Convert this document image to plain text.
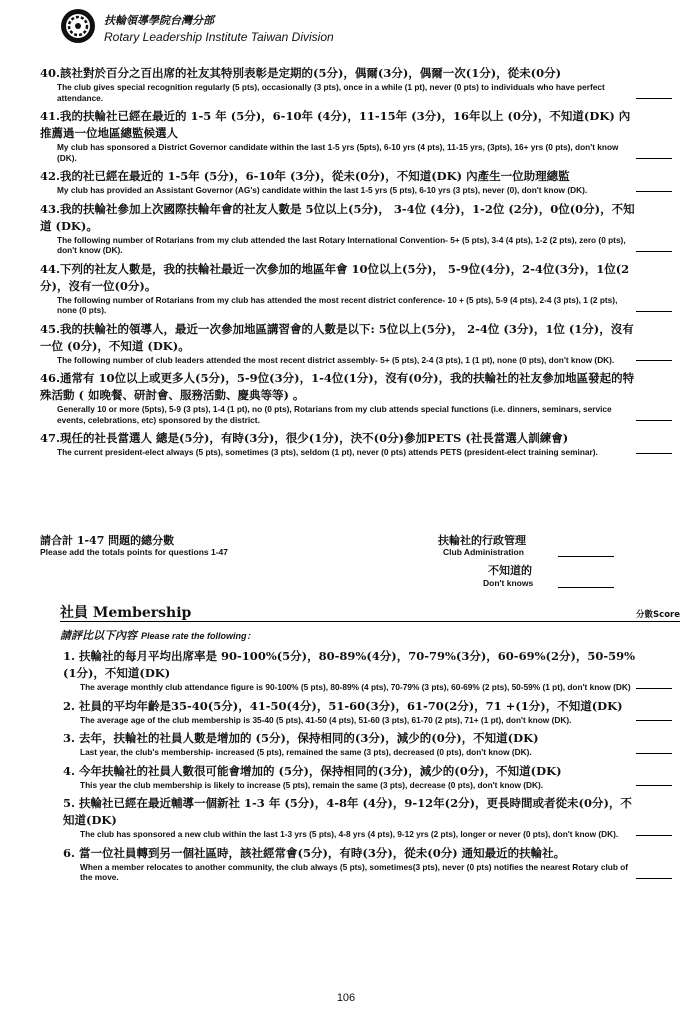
扶輪領導學院台灣分部
Rotary Leadership Institute Taiwan Division
40.該社對於百分之百出席的社友其特別表彰是定期的(5分)，偶爾(3分)，偶爾一次(1分)，從未(0分)
The club gives special recognition regularly (5 pts), occasionally (3 pts), once in a while (1 pt), never (0 pts) to individuals who have perfect attendance.
41.我的扶輪社已經在最近的 1-5 年 (5分)，6-10年 (4分)，11-15年 (3分)，16年以上 (0分)，不知道(DK) 內推薦過一位地區總監候選人
My club has sponsored a District Governor candidate within the last 1-5 yrs (5pts), 6-10 yrs (4 pts), 11-15 yrs, (3pts), 16+ yrs (0 pts), don't know (DK).
42.我的社已經在最近的 1-5年 (5分)，6-10年 (3分)，從未(0分)，不知道(DK) 內產生一位助理總監
My club has provided an Assistant Governor (AG's) candidate within the last 1-5 yrs (5 pts), 6-10 yrs (3 pts), never (0), don't know (DK).
43.我的扶輪社參加上次國際扶輪年會的社友人數是 5位以上(5分)， 3-4位 (4分)，1-2位 (2分)，0位(0分)，不知道 (DK)。
The following number of Rotarians from my club attended the last Rotary International Convention- 5+ (5 pts), 3-4 (4 pts), 1-2 (2 pts), zero (0 pts), don't know (DK).
44.下列的社友人數是，我的扶輪社最近一次參加的地區年會 10位以上(5分)， 5-9位(4分)，2-4位(3分)，1位(2分)，沒有一位(0分)。
The following number of Rotarians from my club has attended the most recent district conference- 10 + (5 pts), 5-9 (4 pts), 2-4 (3 pts), 1 (2 pts), none (0 pts).
45.我的扶輪社的領導人，最近一次參加地區講習會的人數是以下: 5位以上(5分)， 2-4位 (3分)，1位 (1分)，沒有一位 (0分)，不知道 (DK)。
The following number of club leaders attended the most recent district assembly- 5+ (5 pts), 2-4 (3 pts), 1 (1 pt), none (0 pts), don't know (DK).
46.通常有 10位以上或更多人(5分)，5-9位(3分)，1-4位(1分)，沒有(0分)，我的扶輪社的社友參加地區發起的特殊活動 ( 如晚餐、研討會、服務活動、慶典等等) 。
Generally 10 or more (5pts), 5-9 (3 pts), 1-4 (1 pt), no (0 pts), Rotarians from my club attends special functions (i.e. dinners, seminars, service events, celebrations, etc) sponsored by the district.
47.現任的社長當選人 總是(5分)，有時(3分)，很少(1分)，決不(0分)參加PETS (社長當選人訓練會)
The current president-elect always (5 pts), sometimes (3 pts), seldom (1 pt), never (0 pts) attends PETS (president-elect training seminar).
請合計 1-47 問題的總分數
Please add the totals points for questions 1-47
扶輪社的行政管理
Club Administration
不知道的
Don't knows
社員 Membership	分數Score
請評比以下內容 Please rate the following：
1. 扶輪社的每月平均出席率是 90-100%(5分)，80-89%(4分)，70-79%(3分)，60-69%(2分)，50-59%(1分)，不知道(DK)
The average monthly club attendance figure is 90-100% (5 pts), 80-89% (4 pts), 70-79% (3 pts), 60-69% (2 pts), 50-59% (1 pt), don't know (DK)
2. 社員的平均年齡是35-40(5分)，41-50(4分)，51-60(3分)，61-70(2分)，71 +(1分)，不知道(DK)
The average age of the club membership is 35-40 (5 pts), 41-50 (4 pts), 51-60 (3 pts), 61-70 (2 pts), 71+ (1 pt), don't know (DK).
3. 去年，扶輪社的社員人數是增加的 (5分)，保持相同的(3分)，減少的(0分)，不知道(DK)
Last year, the club's membership- increased (5 pts), remained the same (3 pts), decreased (0 pts), don't know (DK).
4. 今年扶輪社的社員人數很可能會增加的 (5分)，保持相同的(3分)，減少的(0分)，不知道(DK)
This year the club membership is likely to increase (5 pts), remain the same (3 pts), decrease (0 pts), don't know (DK).
5. 扶輪社已經在最近輔導一個新社 1-3 年 (5分)，4-8年 (4分)，9-12年(2分)，更長時間或者從未(0分)，不知道(DK)
The club has sponsored a new club within the last 1-3 yrs (5 pts), 4-8 yrs (4 pts), 9-12 yrs (2 pts), longer or never (0 pts), don't know (DK).
6. 當一位社員轉到另一個社區時，該社經常會(5分)，有時(3分)，從未(0分) 通知最近的扶輪社。
When a member relocates to another community, the club always (5 pts), sometimes(3 pts), never (0 pts) notifies the nearest Rotary club of the move.
106
